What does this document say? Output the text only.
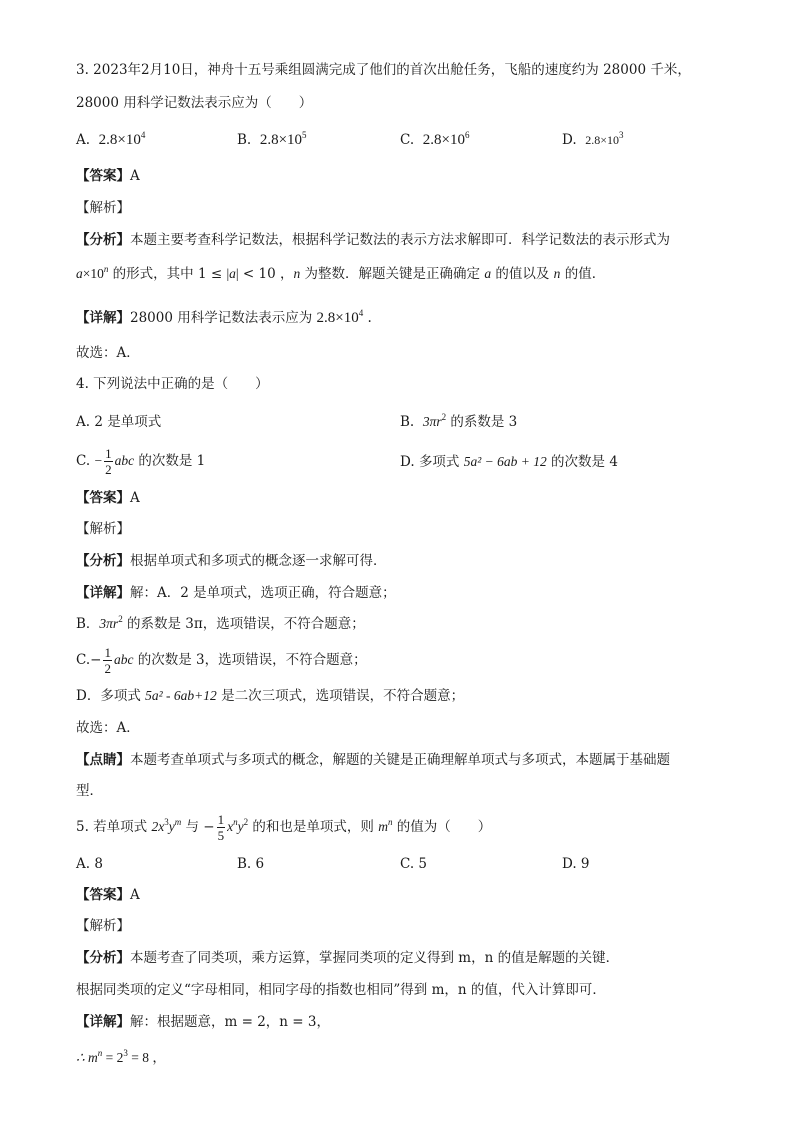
3. 2023年2月10日，神舟十五号乘组圆满完成了他们的首次出舱任务，飞船的速度约为 28000 千米，
28000 用科学记数法表示应为（　　）
A. $2.8\times 10^4$	B. $2.8\times 10^5$	C. $2.8\times 10^6$	D. $2.8\times 10^3$
【答案】A
【解析】
【分析】本题主要考查科学记数法，根据科学记数法的表示方法求解即可．科学记数法的表示形式为
$a\times 10^n$ 的形式，其中 1 ≤ |a| < 10 ，n 为整数．解题关键是正确确定 a 的值以及 n 的值．
【详解】28000 用科学记数法表示应为 $2.8\times 10^4$ .
故选：A．
4. 下列说法中正确的是（　　）
A. 2 是单项式	B. $3\pi r^2$ 的系数是 3
C. − $\frac{1}{2}$ abc 的次数是 1	D. 多项式 5a² − 6ab + 12 的次数是 4
【答案】A
【解析】
【分析】根据单项式和多项式的概念逐一求解可得．
【详解】解：A．2 是单项式，选项正确，符合题意；
B．$3\pi r^2$ 的系数是 3π，选项错误，不符合题意；
$C.- \frac{1}{2}$ abc 的次数是 3，选项错误，不符合题意；
D．多项式 5a² - 6ab+12 是二次三项式，选项错误，不符合题意；
故选：A．
【点睛】本题考查单项式与多项式的概念，解题的关键是正确理解单项式与多项式，本题属于基础题
型．
5. 若单项式 $2x^3y^m$ 与 − $\frac{1}{5} x^ny^2$ 的和也是单项式，则 $m^n$ 的值为（　　）
A. 8	B. 6	C. 5	D. 9
【答案】A
【解析】
【分析】本题考查了同类项，乘方运算，掌握同类项的定义得到 m，n 的值是解题的关键．
根据同类项的定义“字母相同，相同字母的指数也相同”得到 m，n 的值，代入计算即可．
【详解】解：根据题意，m = 2，n = 3，
∴ $m^n = 2^3 = 8$ ，
